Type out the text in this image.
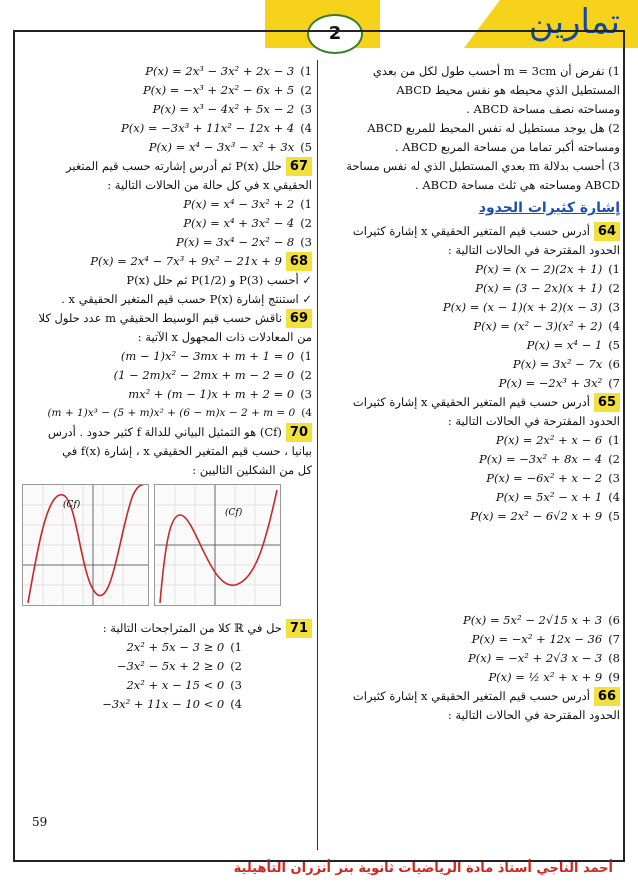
2	تمارين
1) نفرض أن m = 3cm أحسب طول لكل من بعدي
المستطيل الذي محيطه هو نفس محيط ABCD
ومساحته نصف مساحة ABCD .
2) هل يوجد مستطيل له نفس المحيط للمربع ABCD
ومساحته أكبر تماما من مساحة المربع ABCD .
3) أحسب بدلالة m بعدي المستطيل الذي له نفس مساحة
ABCD ومساحته هي ثلث مساحة ABCD .
إشارة كثيرات الحدود
64أدرس حسب قيم المتغير الحقيقي x إشارة كثيرات
الحدود المقترحة في الحالات التالية :
P(x) = (x − 2)(2x + 1) (1
P(x) = (3 − 2x)(x + 1) (2
P(x) = (x − 1)(x + 2)(x − 3) (3
P(x) = (x² − 3)(x² + 2) (4
P(x) = x⁴ − 1 (5
P(x) = 3x² − 7x (6
P(x) = −2x³ + 3x² (7
65أدرس حسب قيم المتغير الحقيقي x إشارة كثيرات
الحدود المقترحة في الحالات التالية :
P(x) = 2x² + x − 6 (1
P(x) = −3x² + 8x − 4 (2
P(x) = −6x² + x − 2 (3
P(x) = 5x² − x + 1 (4
P(x) = 2x² − 6√2 x + 9 (5
P(x) = 5x² − 2√15 x + 3 (6
P(x) = −x² + 12x − 36 (7
P(x) = −x² + 2√3 x − 3 (8
P(x) = ½ x² + x + 9 (9
66أدرس حسب قيم المتغير الحقيقي x إشارة كثيرات
الحدود المقترحة في الحالات التالية :
P(x) = 2x³ − 3x² + 2x − 3 (1
P(x) = −x³ + 2x² − 6x + 5 (2
P(x) = x³ − 4x² + 5x − 2 (3
P(x) = −3x³ + 11x² − 12x + 4 (4
P(x) = x⁴ − 3x³ − x² + 3x (5
67حلل P(x) ثم أدرس إشارته حسب قيم المتغير
الحقيقي x في كل حالة من الحالات التالية :
P(x) = x⁴ − 3x² + 2 (1
P(x) = x⁴ + 3x² − 4 (2
P(x) = 3x⁴ − 2x² − 8 (3
68P(x) = 2x⁴ − 7x³ + 9x² − 21x + 9
✓ أحسب P(3) و P(1/2) ثم حلل P(x)
✓ استنتج إشارة P(x) حسب قيم المتغير الحقيقي x .
69ناقش حسب قيم الوسيط الحقيقي m عدد حلول كلا
من المعادلات ذات المجهول x الآتية :
(m − 1)x² − 3mx + m + 1 = 0 (1
(1 − 2m)x² − 2mx + m − 2 = 0 (2
mx² + (m − 1)x + m + 2 = 0 (3
(m + 1)x³ − (5 + m)x² + (6 − m)x − 2 + m = 0 (4
70(Cf) هو التمثيل البياني للدالة f كثير حدود . أدرس
بيانيا ، حسب قيم المتغير الحقيقي x ، إشارة f(x) في
كل من الشكلين التاليين :
(Cf)
(Cf)
71حل في ℝ كلا من المتراجحات التالية :
2x² + 5x − 3 ≥ 0 (1
−3x² − 5x + 2 ≥ 0 (2
2x² + x − 15 < 0 (3
−3x² + 11x − 10 < 0 (4
59
أحمد الناجي أستاذ مادة الرياضيات ثانوية بنر أنزران التأهيلية
